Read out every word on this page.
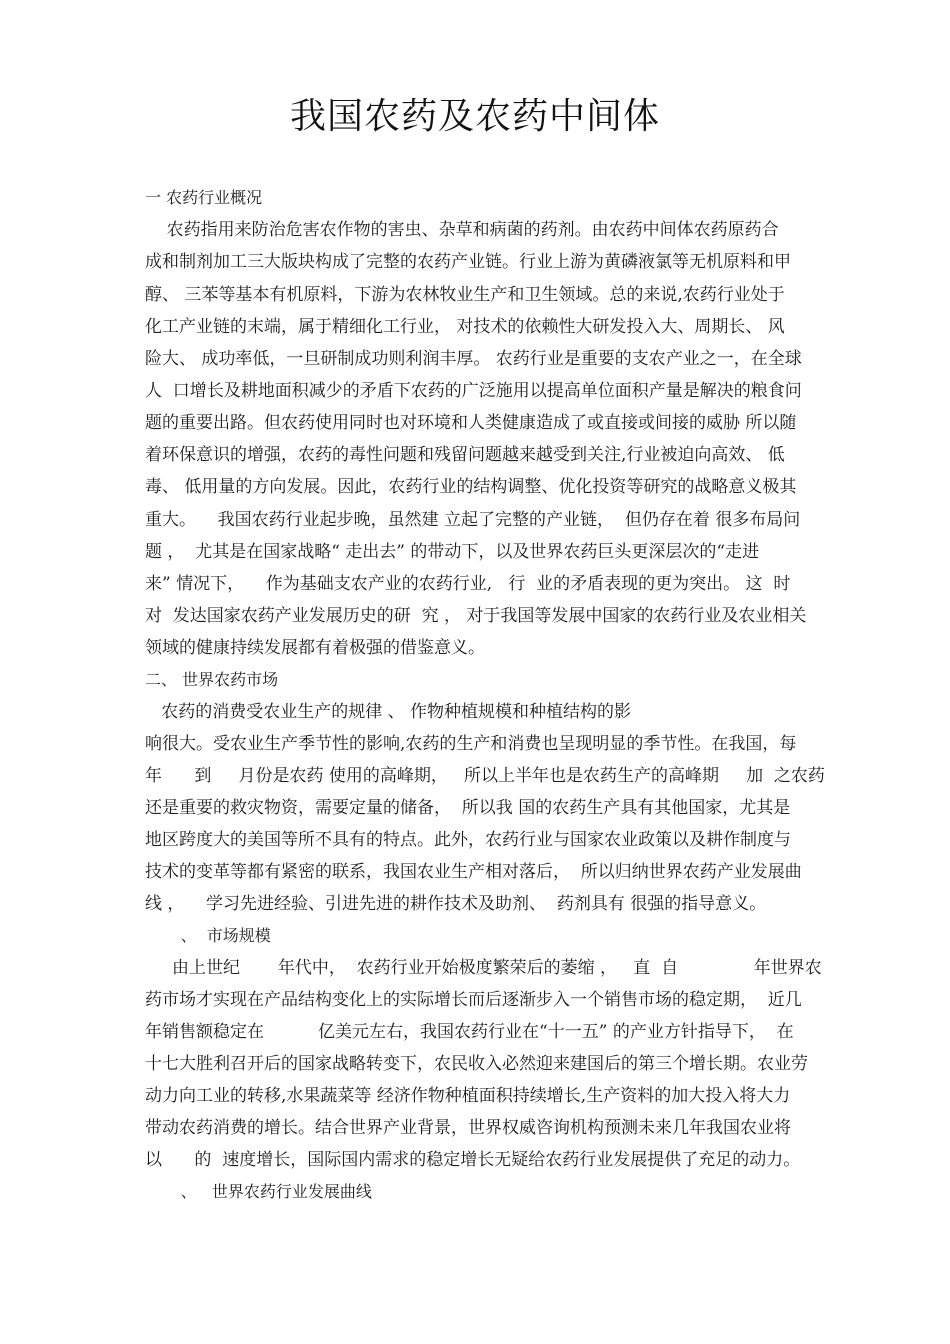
我国农药及农药中间体
一 农药行业概况
农药指用来防治危害农作物的害虫、杂草和病菌的药剂。由农药中间体农药原药合
成和制剂加工三大版块构成了完整的农药产业链。行业上游为黄磷液氯等无机原料和甲
醇、 三苯等基本有机原料，下游为农林牧业生产和卫生领域。总的来说,农药行业处于
化工产业链的末端，属于精细化工行业， 对技术的依赖性大研发投入大、周期长、 风
险大、 成功率低，一旦研制成功则利润丰厚。 农药行业是重要的支农产业之一，在全球
人  口增长及耕地面积减少的矛盾下农药的广泛施用以提高单位面积产量是解决的粮食问
题的重要出路。但农药使用同时也对环境和人类健康造成了或直接或间接的威胁 所以随
着环保意识的增强，农药的毒性问题和残留问题越来越受到关注,行业被迫向高效、 低
毒、 低用量的方向发展。因此，农药行业的结构调整、优化投资等研究的战略意义极其
重大。    我国农药行业起步晚，虽然建 立起了完整的产业链，  但仍存在着 很多布局问
题 ，  尤其是在国家战略“ 走出去” 的带动下，以及世界农药巨头更深层次的“走进
来” 情况下，    作为基础支农产业的农药行业,   行  业的矛盾表现的更为突出。 这  时
对  发达国家农药产业发展历史的研  究 ， 对于我国等发展中国家的农药行业及农业相关
领域的健康持续发展都有着极强的借鉴意义。
二、 世界农药市场
农药的消费受农业生产的规律 、 作物种植规模和种植结构的影
响很大。受农业生产季节性的影响,农药的生产和消费也呈现明显的季节性。在我国，每
年      到     月份是农药 使用的高峰期，   所以上半年也是农药生产的高峰期     加  之农药
还是重要的救灾物资，需要定量的储备，  所以我 国的农药生产具有其他国家，尤其是
地区跨度大的美国等所不具有的特点。此外，农药行业与国家农业政策以及耕作制度与
技术的变革等都有紧密的联系，我国农业生产相对落后，  所以归纳世界农药产业发展曲
线 ，    学习先进经验、引进先进的耕作技术及助剂、  药剂具有 很强的指导意义。
、  市场规模
由上世纪       年代中，  农药行业开始极度繁荣后的萎缩 ，   直  自              年世界农
药市场才实现在产品结构变化上的实际增长而后逐渐步入一个销售市场的稳定期，  近几
年销售额稳定在          亿美元左右，我国农药行业在“十一五” 的产业方针指导下，  在
十七大胜利召开后的国家战略转变下，农民收入必然迎来建国后的第三个增长期。农业劳
动力向工业的转移,水果蔬菜等 经济作物种植面积持续增长,生产资料的加大投入将大力
带动农药消费的增长。结合世界产业背景，世界权威咨询机构预测未来几年我国农业将
以      的  速度增长，国际国内需求的稳定增长无疑给农药行业发展提供了充足的动力。
、   世界农药行业发展曲线
